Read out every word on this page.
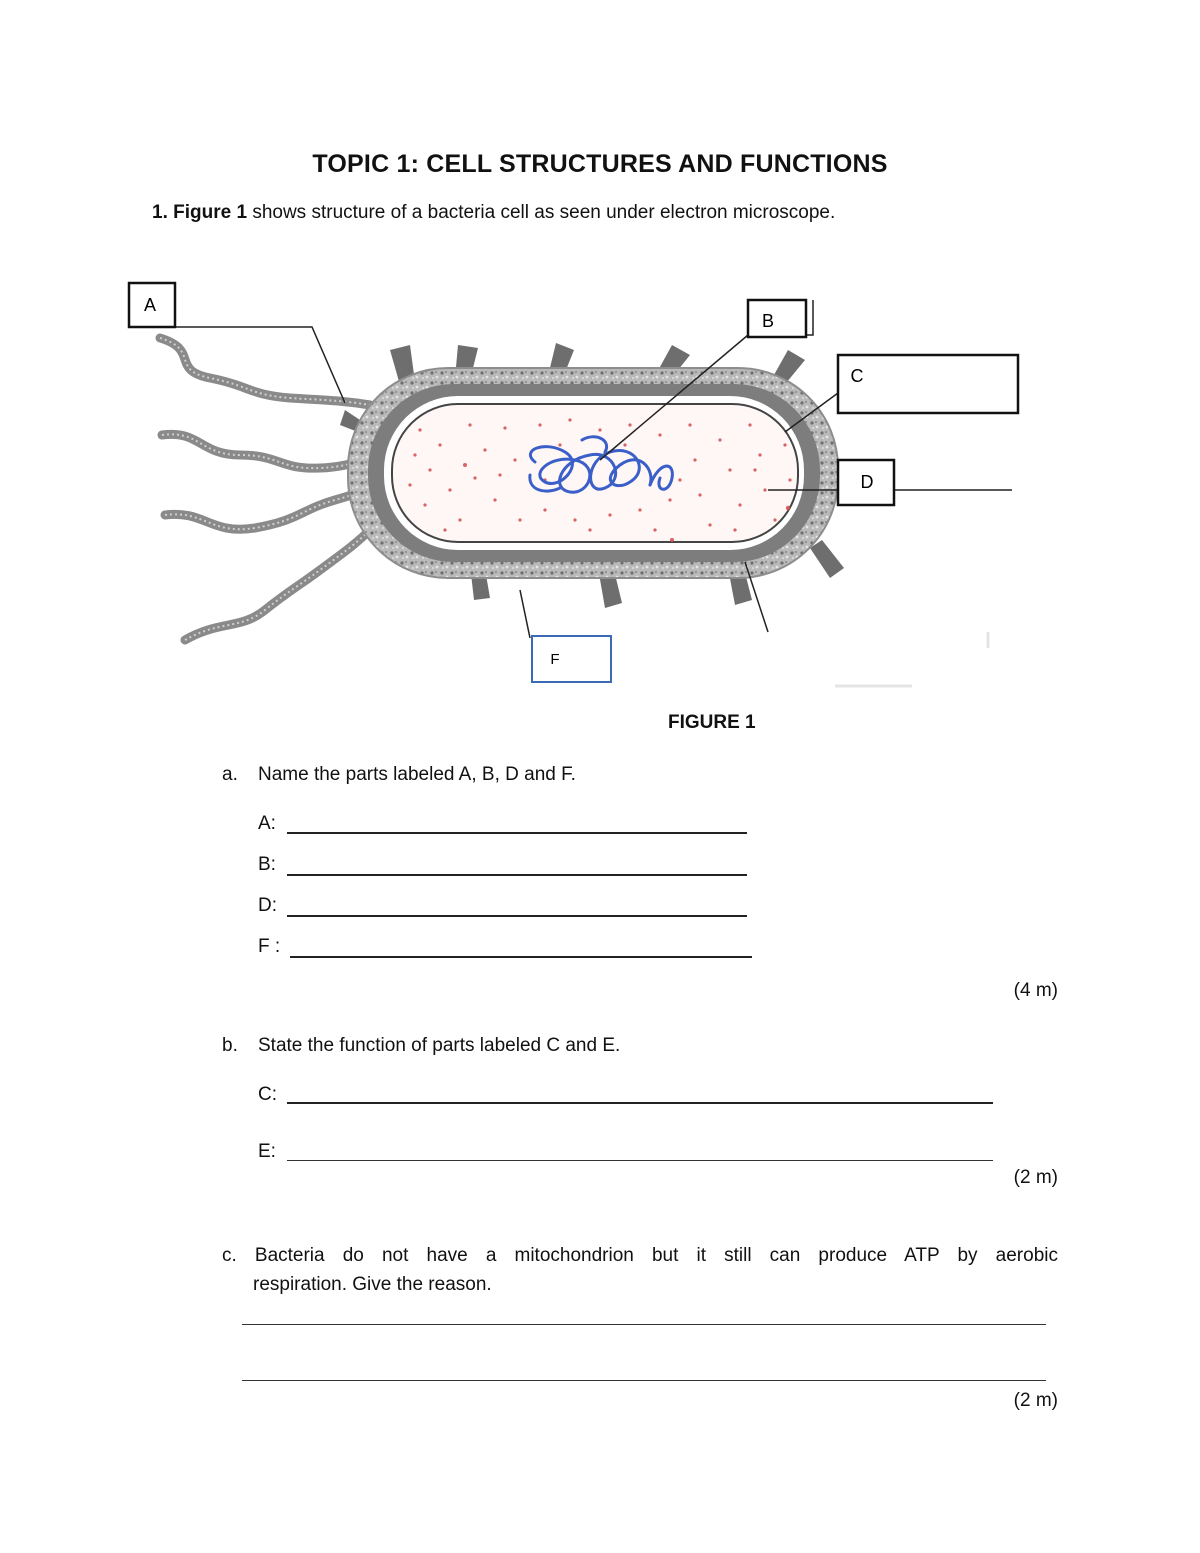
TOPIC 1: CELL STRUCTURES AND FUNCTIONS
1. Figure 1 shows structure of a bacteria cell as seen under electron microscope.
A
B
C
D
F
FIGURE 1
a. Name the parts labeled A, B, D and F.
A:
B:
D:
F :
(4 m)
b. State the function of parts labeled C and E.
C:
E:
(2 m)
c. Bacteria do not have a mitochondrion but it still can produce ATP by aerobic
respiration. Give the reason.
(2 m)
